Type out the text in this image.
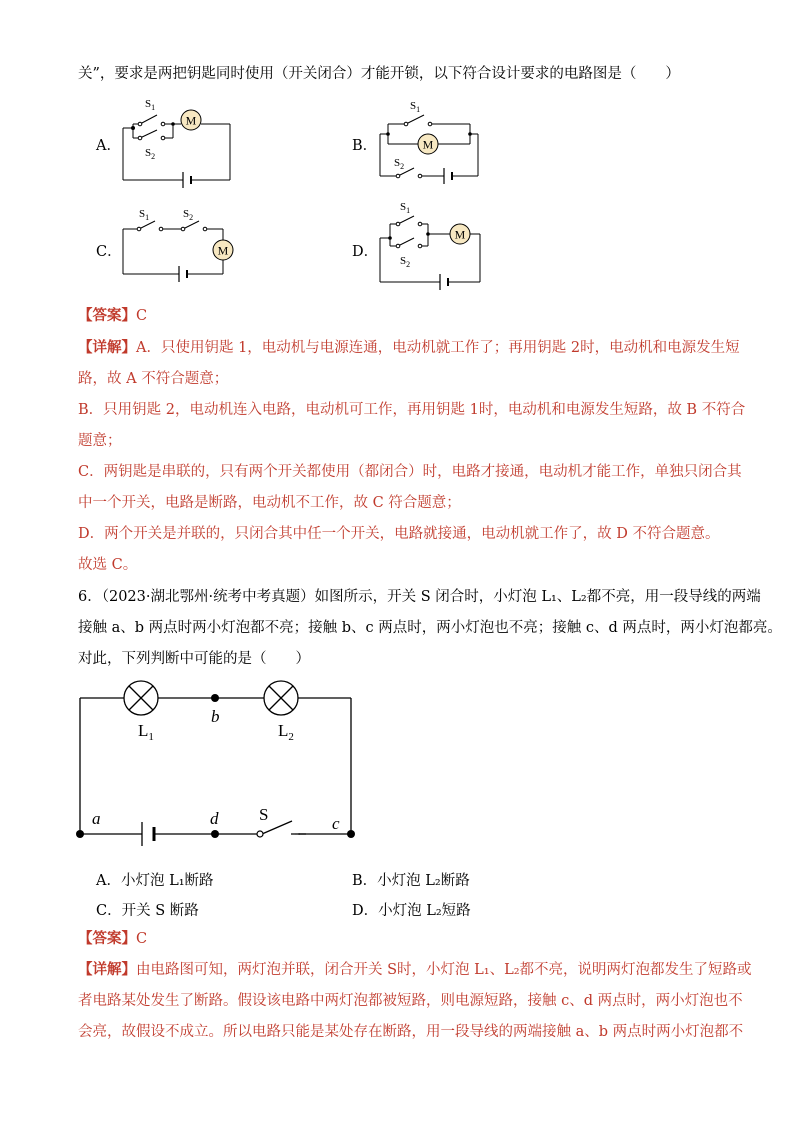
关”，要求是两把钥匙同时使用（开关闭合）才能开锁，以下符合设计要求的电路图是（　　）
A．
M
$S_1$
$S_2$
B．	M
$S_1$
$S_2$
C．	M
$S_1$	$S_2$
D．
M
$S_1$
$S_2$
【答案】C
【详解】A．只使用钥匙 1，电动机与电源连通，电动机就工作了；再用钥匙 2时，电动机和电源发生短
路，故 A 不符合题意；
B．只用钥匙 2，电动机连入电路，电动机可工作，再用钥匙 1时，电动机和电源发生短路，故 B 不符合
题意；
C．两钥匙是串联的，只有两个开关都使用（都闭合）时，电路才接通，电动机才能工作，单独只闭合其
中一个开关，电路是断路，电动机不工作，故 C 符合题意；
D．两个开关是并联的，只闭合其中任一个开关，电路就接通，电动机就工作了，故 D 不符合题意。
故选 C。
6．（2023·湖北鄂州·统考中考真题）如图所示，开关 S 闭合时，小灯泡 L₁、L₂都不亮，用一段导线的两端
接触 a、b 两点时两小灯泡都不亮；接触 b、c 两点时，两小灯泡也不亮；接触 c、d 两点时，两小灯泡都亮。
对此，下列判断中可能的是（　　）
$L_1$	$L_2$
b
a	d S	c
A．小灯泡 L₁断路	B．小灯泡 L₂断路
C．开关 S 断路	D．小灯泡 L₂短路
【答案】C
【详解】由电路图可知，两灯泡并联，闭合开关 S时，小灯泡 L₁、L₂都不亮，说明两灯泡都发生了短路或
者电路某处发生了断路。假设该电路中两灯泡都被短路，则电源短路，接触 c、d 两点时，两小灯泡也不
会亮，故假设不成立。所以电路只能是某处存在断路，用一段导线的两端接触 a、b 两点时两小灯泡都不
